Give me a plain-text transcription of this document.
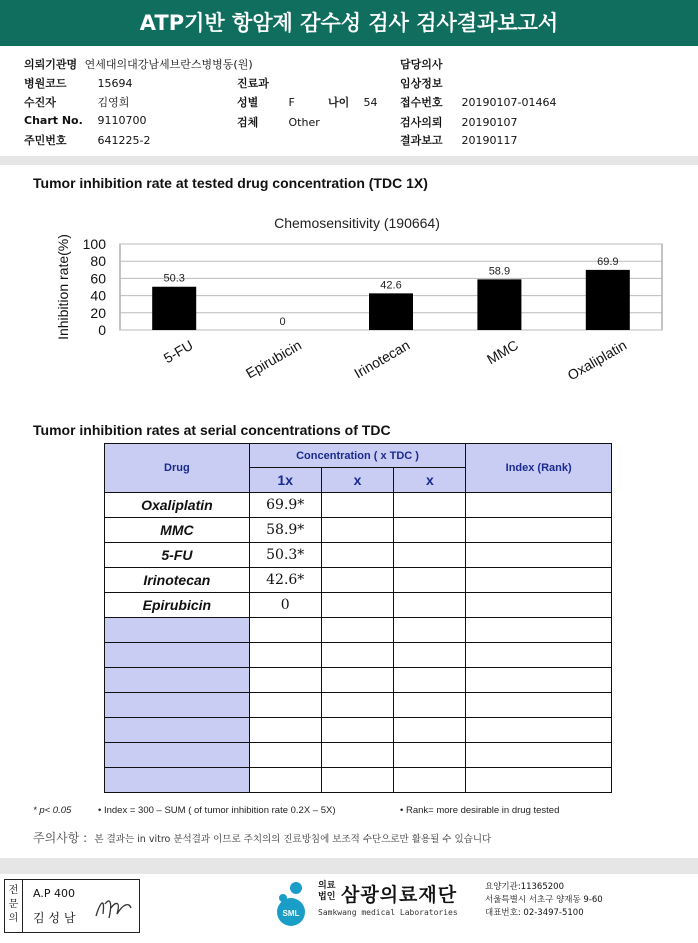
ATP기반 항암제 감수성 검사 검사결과보고서
의뢰기관명 연세대의대강남세브란스병병동(원)
병원코드	15694
수진자	김영희
Chart No. 9110700
주민번호	641225-2
진료과
성별	F
검체	Other
나이 54
담당의사
임상정보
접수번호 20190107-01464
검사의뢰 20190107
결과보고 20190117
Tumor inhibition rate at tested drug concentration (TDC 1X)
Chemosensitivity (190664)
0
20
40
60
80
100
Inhibition rate(%)	50.3
5-FU
0
Epirubicin
42.6
Irinotecan
58.9
MMC
69.9
Oxaliplatin
Tumor inhibition rates at serial concentrations of TDC
Drug	Concentration ( x TDC )			Index (Rank)
	1x	x	x	
Oxaliplatin	69.9*			
MMC	58.9*			
5-FU	50.3*			
Irinotecan	42.6*			
Epirubicin	0			

* p< 0.05	• Index = 300 – SUM ( of tumor inhibition rate 0.2X – 5X)	• Rank= more desirable in drug tested
주의사항 : 본 결과는 in vitro 분석결과 이므로 주치의의 진료방침에 보조적 수단으로만 활용될 수 있습니다
전문의
A.P 400
김 성 남	SML
의료
법인 삼광의료재단
Samkwang medical Laboratories
요양기관:11365200
서울특별시 서초구 양재동 9-60
대표번호: 02-3497-5100
